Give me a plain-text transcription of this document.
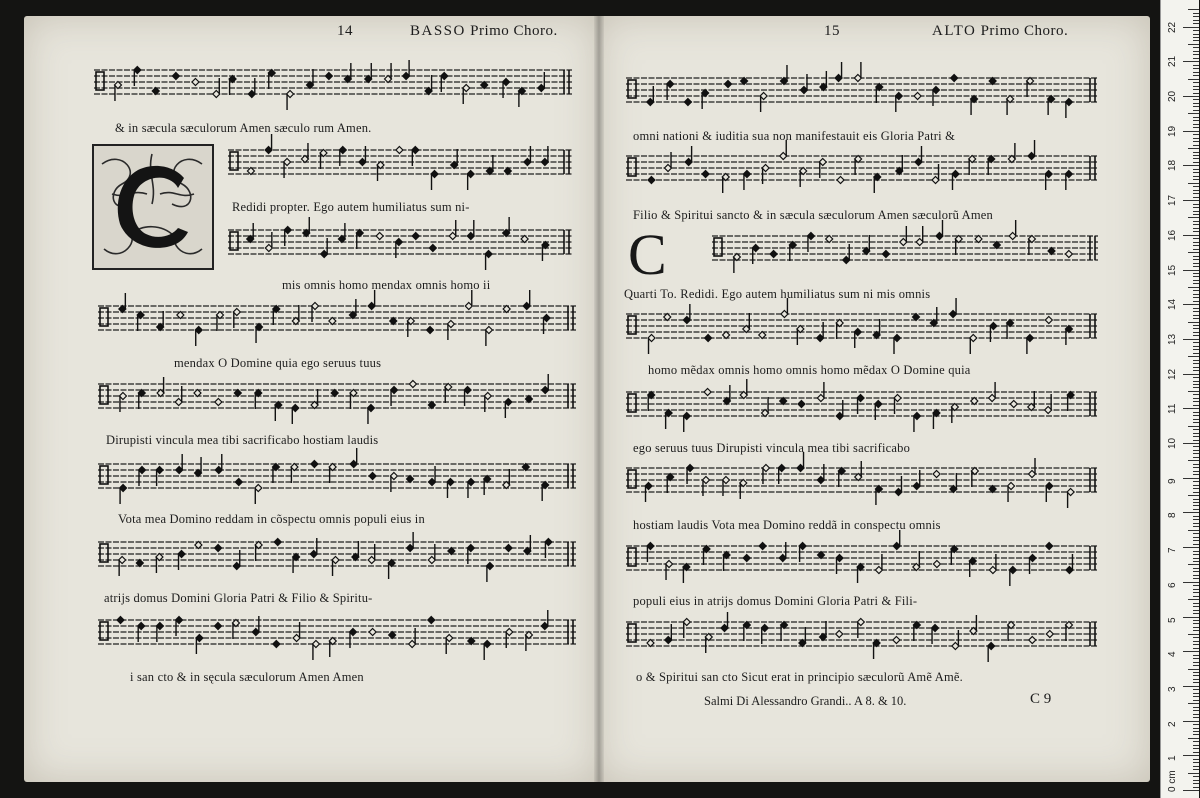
14	BASSO Primo Choro.	15	ALTO Primo Choro.
C
& in sæcula sæculorum Amen sæculo rum Amen.
Redidi propter. Ego autem humiliatus sum ni-
mis omnis homo mendax omnis homo ii
mendax O Domine quia ego seruus tuus
Dirupisti vincula mea tibi sacrificabo hostiam laudis
Vota mea Domino reddam in cõspectu omnis populi eius in
atrijs domus Domini Gloria Patri & Filio & Spiritu-
i san cto & in sęcula sæculorum Amen Amen
omni nationi & iuditia sua non manifestauit eis Gloria Patri &
Filio & Spiritui sancto & in sæcula sæculorum Amen sæculorũ Amen
Quarti To. Redidi. Ego autem humiliatus sum ni mis omnis
homo mẽdax omnis homo omnis homo mẽdax O Domine quia
ego seruus tuus Dirupisti vincula mea tibi sacrificabo
hostiam laudis Vota mea Domino reddã in conspectu omnis
populi eius in atrijs domus Domini Gloria Patri & Fili-
o & Spiritui san cto Sicut erat in principio sæculorũ Amẽ Amẽ.
Salmi Di Alessandro Grandi.. A 8. & 10.	C 9
0 cm
1
2
3
4
5
6
7
8
9
10
11
12
13
14
15
16
17
18
19
20
21
22
